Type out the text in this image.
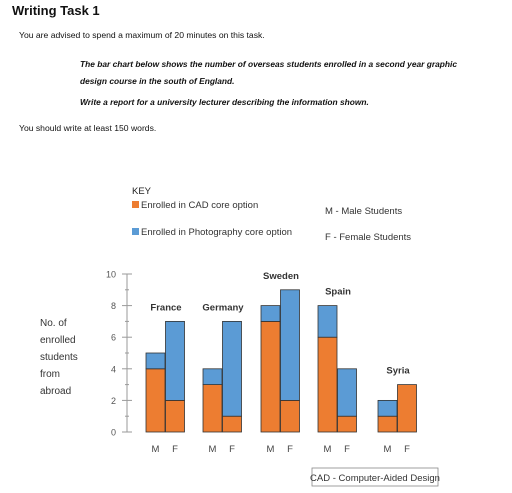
Writing Task 1
You are advised to spend a maximum of 20 minutes on this task.
The bar chart below shows the number of overseas students enrolled in a second year graphic design course in the south of England.
Write a report for a university lecturer describing the information shown.
You should write at least 150 words.
KEY
Enrolled in CAD core option
Enrolled in Photography core option
M - Male Students
F - Female Students
No. of
enrolled
students
from
abroad
0
2
4
6
8
10
M F
France
M F
Germany
M F
Sweden
M F
Spain
M F
Syria
CAD - Computer-Aided Design
